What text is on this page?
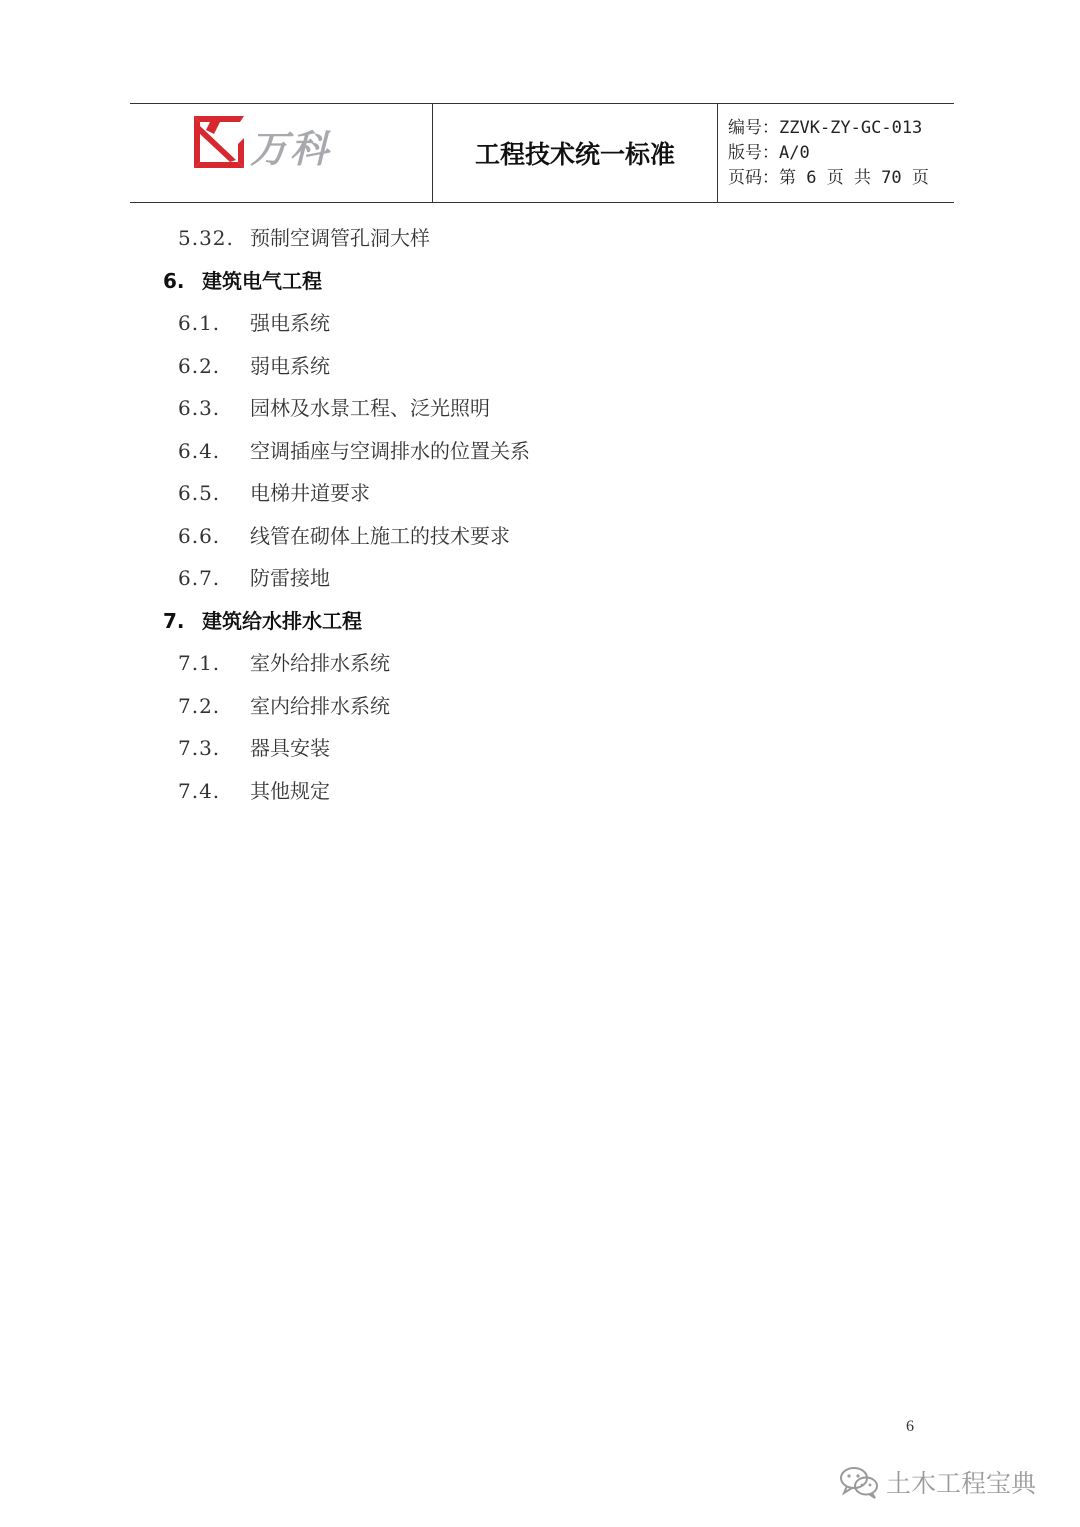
万科	工程技术统一标准
编号：ZZVK-ZY-GC-013
版号：A/0
页码：第 6 页 共 70 页
5.32. 预制空调管孔洞大样
6. 建筑电气工程
6.1. 强电系统
6.2. 弱电系统
6.3. 园林及水景工程、泛光照明
6.4. 空调插座与空调排水的位置关系
6.5. 电梯井道要求
6.6. 线管在砌体上施工的技术要求
6.7. 防雷接地
7. 建筑给水排水工程
7.1. 室外给排水系统
7.2. 室内给排水系统
7.3. 器具安装
7.4. 其他规定
6
土木工程宝典
